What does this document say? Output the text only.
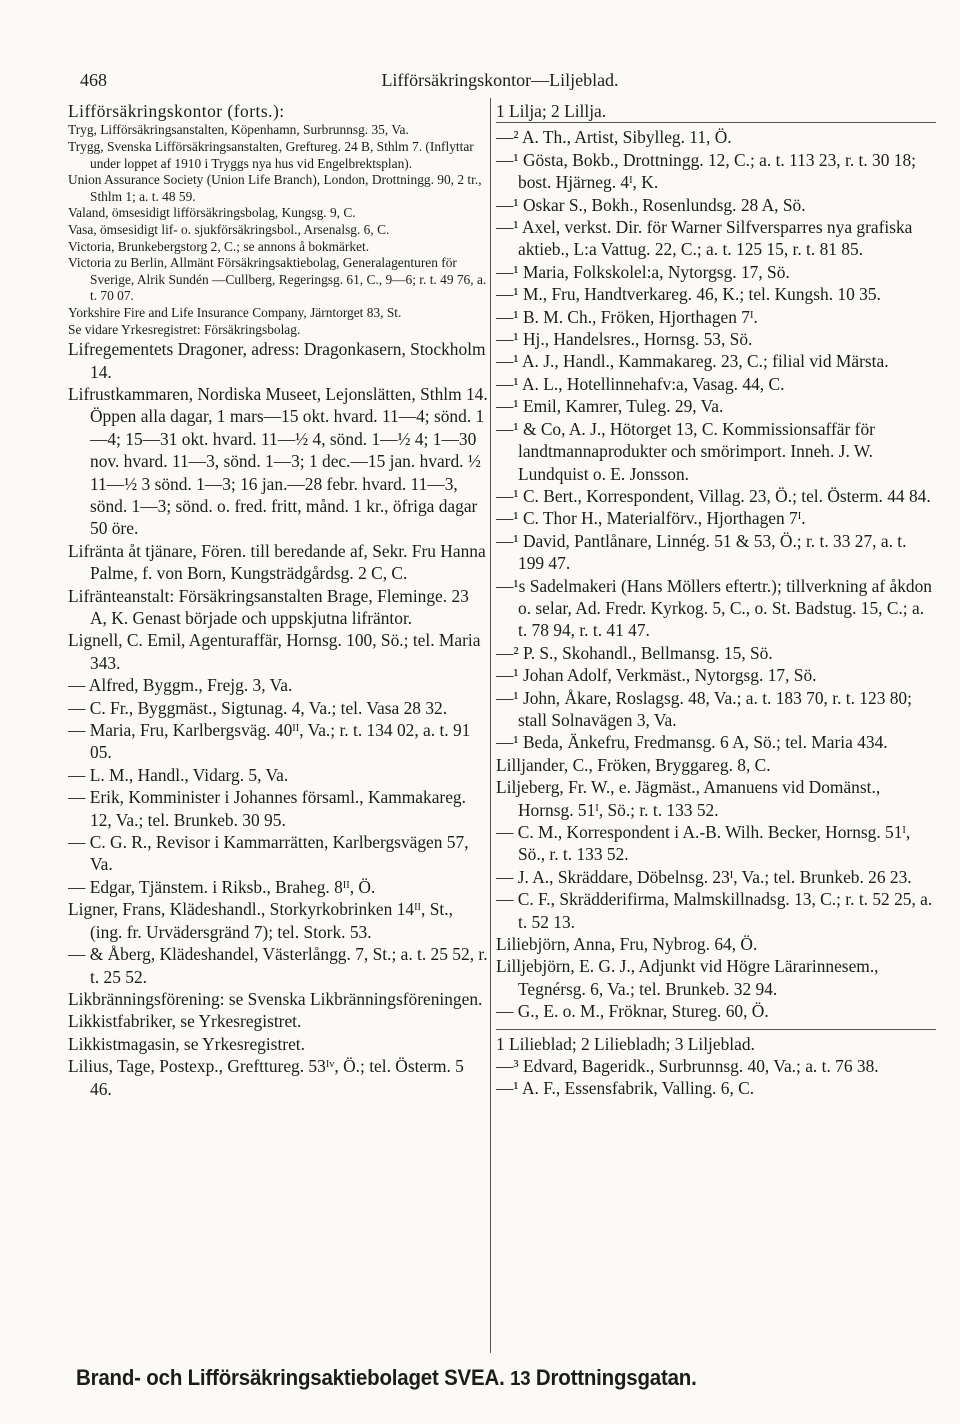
468	Lifförsäkringskontor—Liljeblad.

Lifförsäkringskontor (forts.):

Tryg, Lifförsäkringsanstalten, Köpenhamn, Surbrunnsg. 35, Va.

Trygg, Svenska Lifförsäkringsanstalten, Greftureg. 24 B, Sthlm 7. (Inflyttar under loppet af 1910 i Tryggs nya hus vid Engelbrektsplan).

Union Assurance Society (Union Life Branch), London, Drottningg. 90, 2 tr., Sthlm 1; a. t. 48 59.

Valand, ömsesidigt lifförsäkringsbolag, Kungsg. 9, C.

Vasa, ömsesidigt lif- o. sjukförsäkringsbol., Arsenalsg. 6, C.

Victoria, Brunkebergstorg 2, C.; se annons å bokmärket.

Victoria zu Berlin, Allmänt Försäkringsaktiebolag, Generalagenturen för Sverige, Alrik Sundén —Cullberg, Regeringsg. 61, C., 9—6; r. t. 49 76, a. t. 70 07.

Yorkshire Fire and Life Insurance Company, Järntorget 83, St.

Se vidare Yrkesregistret: Försäkringsbolag.

Lifregementets Dragoner, adress: Dragonkasern, Stockholm 14.

Lifrustkammaren, Nordiska Museet, Lejonslätten, Sthlm 14. Öppen alla dagar, 1 mars—15 okt. hvard. 11—4; sönd. 1—4; 15—31 okt. hvard. 11—½ 4, sönd. 1—½ 4; 1—30 nov. hvard. 11—3, sönd. 1—3; 1 dec.—15 jan. hvard. ½ 11—½ 3 sönd. 1—3; 16 jan.—28 febr. hvard. 11—3, sönd. 1—3; sönd. o. fred. fritt, månd. 1 kr., öfriga dagar 50 öre.

Lifränta åt tjänare, Fören. till beredande af, Sekr. Fru Hanna Palme, f. von Born, Kungsträdgårdsg. 2 C, C.

Lifränteanstalt: Försäkringsanstalten Brage, Fleminge. 23 A, K. Genast började och uppskjutna lifräntor.

Lignell, C. Emil, Agenturaffär, Hornsg. 100, Sö.; tel. Maria 343.

— Alfred, Byggm., Frejg. 3, Va.

— C. Fr., Byggmäst., Sigtunag. 4, Va.; tel. Vasa 28 32.

— Maria, Fru, Karlbergsväg. 40ᴵᴵ, Va.; r. t. 134 02, a. t. 91 05.

— L. M., Handl., Vidarg. 5, Va.

— Erik, Komminister i Johannes församl., Kammakareg. 12, Va.; tel. Brunkeb. 30 95.

— C. G. R., Revisor i Kammarrätten, Karlbergsvägen 57, Va.

— Edgar, Tjänstem. i Riksb., Braheg. 8ᴵᴵ, Ö.

Ligner, Frans, Klädeshandl., Storkyrkobrinken 14ᴵᴵ, St., (ing. fr. Urvädersgränd 7); tel. Stork. 53.

— & Åberg, Klädeshandel, Västerlångg. 7, St.; a. t. 25 52, r. t. 25 52.

Likbränningsförening: se Svenska Likbränningsföreningen.

Likkistfabriker, se Yrkesregistret.

Likkistmagasin, se Yrkesregistret.

Lilius, Tage, Postexp., Grefttureg. 53ᴵᵛ, Ö.; tel. Österm. 5 46.

1 Lilja; 2 Lillja.

—² A. Th., Artist, Sibylleg. 11, Ö.

—¹ Gösta, Bokb., Drottningg. 12, C.; a. t. 113 23, r. t. 30 18; bost. Hjärneg. 4ᴵ, K.

—¹ Oskar S., Bokh., Rosenlundsg. 28 A, Sö.

—¹ Axel, verkst. Dir. för Warner Silfversparres nya grafiska aktieb., L:a Vattug. 22, C.; a. t. 125 15, r. t. 81 85.

—¹ Maria, Folkskolel:a, Nytorgsg. 17, Sö.

—¹ M., Fru, Handtverkareg. 46, K.; tel. Kungsh. 10 35.

—¹ B. M. Ch., Fröken, Hjorthagen 7ᴵ.

—¹ Hj., Handelsres., Hornsg. 53, Sö.

—¹ A. J., Handl., Kammakareg. 23, C.; filial vid Märsta.

—¹ A. L., Hotellinnehafv:a, Vasag. 44, C.

—¹ Emil, Kamrer, Tuleg. 29, Va.

—¹ & Co, A. J., Hötorget 13, C. Kommissionsaffär för landtmannaprodukter och smörimport. Inneh. J. W. Lundquist o. E. Jonsson.

—¹ C. Bert., Korrespondent, Villag. 23, Ö.; tel. Österm. 44 84.

—¹ C. Thor H., Materialförv., Hjorthagen 7ᴵ.

—¹ David, Pantlånare, Linnég. 51 & 53, Ö.; r. t. 33 27, a. t. 199 47.

—¹s Sadelmakeri (Hans Möllers eftertr.); tillverkning af åkdon o. selar, Ad. Fredr. Kyrkog. 5, C., o. St. Badstug. 15, C.; a. t. 78 94, r. t. 41 47.

—² P. S., Skohandl., Bellmansg. 15, Sö.

—¹ Johan Adolf, Verkmäst., Nytorgsg. 17, Sö.

—¹ John, Åkare, Roslagsg. 48, Va.; a. t. 183 70, r. t. 123 80; stall Solnavägen 3, Va.

—¹ Beda, Änkefru, Fredmansg. 6 A, Sö.; tel. Maria 434.

Lilljander, C., Fröken, Bryggareg. 8, C.

Liljeberg, Fr. W., e. Jägmäst., Amanuens vid Domänst., Hornsg. 51ᴵ, Sö.; r. t. 133 52.

— C. M., Korrespondent i A.-B. Wilh. Becker, Hornsg. 51ᴵ, Sö., r. t. 133 52.

— J. A., Skräddare, Döbelnsg. 23ᴵ, Va.; tel. Brunkeb. 26 23.

— C. F., Skrädderifirma, Malmskillnadsg. 13, C.; r. t. 52 25, a. t. 52 13.

Liliebjörn, Anna, Fru, Nybrog. 64, Ö.

Lilljebjörn, E. G. J., Adjunkt vid Högre Lärarinnesem., Tegnérsg. 6, Va.; tel. Brunkeb. 32 94.

— G., E. o. M., Fröknar, Stureg. 60, Ö.

1 Lilieblad; 2 Liliebladh; 3 Liljeblad.

—³ Edvard, Bageridk., Surbrunnsg. 40, Va.; a. t. 76 38.

—¹ A. F., Essensfabrik, Valling. 6, C.

Brand- och Lifförsäkringsaktiebolaget SVEA. 13 Drottningsgatan.
